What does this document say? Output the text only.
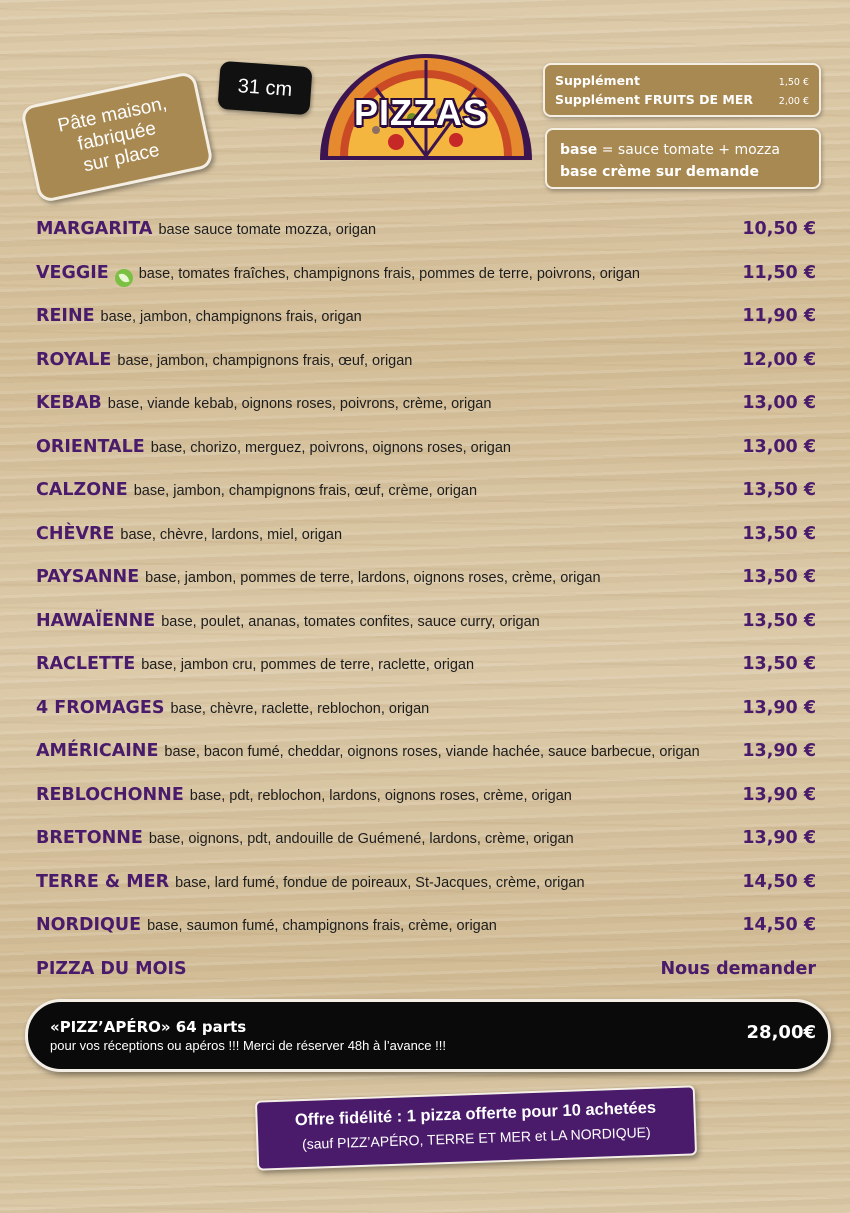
Pâte maison,
fabriquée
sur place
31 cm
PIZZAS
Supplément	1,50 €
Supplément FRUITS DE MER	2,00 €
base = sauce tomate + mozza
base crème sur demande
MARGARITA base sauce tomate mozza, origan	10,50 €
VEGGIE base, tomates fraîches, champignons frais, pommes de terre, poivrons, origan	11,50 €
REINE base, jambon, champignons frais, origan	11,90 €
ROYALE base, jambon, champignons frais, œuf, origan	12,00 €
KEBAB base, viande kebab, oignons roses, poivrons, crème, origan	13,00 €
ORIENTALE base, chorizo, merguez, poivrons, oignons roses, origan	13,00 €
CALZONE base, jambon, champignons frais, œuf, crème, origan	13,50 €
CHÈVRE base, chèvre, lardons, miel, origan	13,50 €
PAYSANNE base, jambon, pommes de terre, lardons, oignons roses, crème, origan	13,50 €
HAWAÏENNE base, poulet, ananas, tomates confites, sauce curry, origan	13,50 €
RACLETTE base, jambon cru, pommes de terre, raclette, origan	13,50 €
4 FROMAGES base, chèvre, raclette, reblochon, origan	13,90 €
AMÉRICAINE base, bacon fumé, cheddar, oignons roses, viande hachée, sauce barbecue, origan	13,90 €
REBLOCHONNE base, pdt, reblochon, lardons, oignons roses, crème, origan	13,90 €
BRETONNE base, oignons, pdt, andouille de Guémené, lardons, crème, origan	13,90 €
TERRE & MER base, lard fumé, fondue de poireaux, St-Jacques, crème, origan	14,50 €
NORDIQUE base, saumon fumé, champignons frais, crème, origan	14,50 €
PIZZA DU MOIS	Nous demander
«PIZZ’APÉRO» 64 parts
pour vos réceptions ou apéros !!! Merci de réserver 48h à l’avance !!!
28,00€
Offre fidélité : 1 pizza offerte pour 10 achetées
(sauf PIZZ’APÉRO, TERRE ET MER et LA NORDIQUE)
